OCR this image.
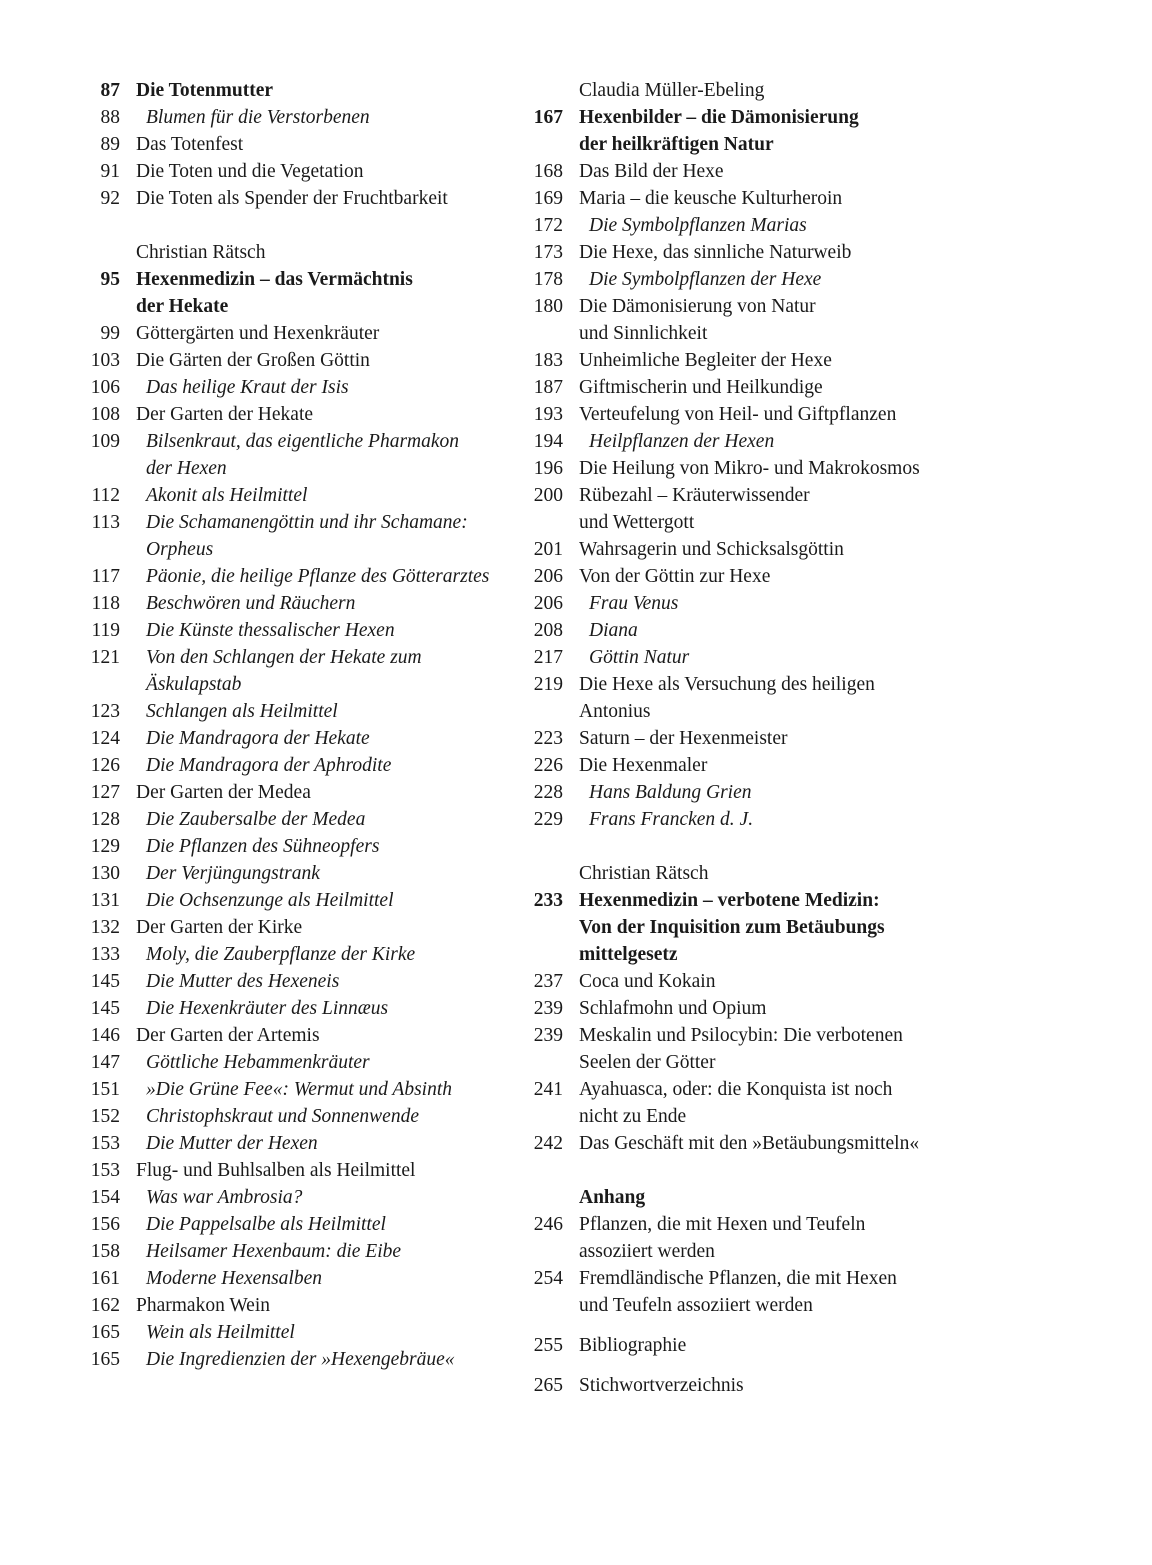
87 Die Totenmutter
88 Blumen für die Verstorbenen
89 Das Totenfest
91 Die Toten und die Vegetation
92 Die Toten als Spender der Fruchtbarkeit
Christian Rätsch
95 Hexenmedizin – das Vermächtnis
der Hekate
99 Göttergärten und Hexenkräuter
103 Die Gärten der Großen Göttin
106 Das heilige Kraut der Isis
108 Der Garten der Hekate
109 Bilsenkraut, das eigentliche Pharmakon
der Hexen
112 Akonit als Heilmittel
113 Die Schamanengöttin und ihr Schamane:
Orpheus
117 Päonie, die heilige Pflanze des Götterarztes
118 Beschwören und Räuchern
119 Die Künste thessalischer Hexen
121 Von den Schlangen der Hekate zum
Äskulapstab
123 Schlangen als Heilmittel
124 Die Mandragora der Hekate
126 Die Mandragora der Aphrodite
127 Der Garten der Medea
128 Die Zaubersalbe der Medea
129 Die Pflanzen des Sühneopfers
130 Der Verjüngungstrank
131 Die Ochsenzunge als Heilmittel
132 Der Garten der Kirke
133 Moly, die Zauberpflanze der Kirke
145 Die Mutter des Hexeneis
145 Die Hexenkräuter des Linnæus
146 Der Garten der Artemis
147 Göttliche Hebammenkräuter
151 »Die Grüne Fee«: Wermut und Absinth
152 Christophskraut und Sonnenwende
153 Die Mutter der Hexen
153 Flug- und Buhlsalben als Heilmittel
154 Was war Ambrosia?
156 Die Pappelsalbe als Heilmittel
158 Heilsamer Hexenbaum: die Eibe
161 Moderne Hexensalben
162 Pharmakon Wein
165 Wein als Heilmittel
165 Die Ingredienzien der »Hexengebräue«
Claudia Müller-Ebeling
167 Hexenbilder – die Dämonisierung
der heilkräftigen Natur
168 Das Bild der Hexe
169 Maria – die keusche Kulturheroin
172 Die Symbolpflanzen Marias
173 Die Hexe, das sinnliche Naturweib
178 Die Symbolpflanzen der Hexe
180 Die Dämonisierung von Natur
und Sinnlichkeit
183 Unheimliche Begleiter der Hexe
187 Giftmischerin und Heilkundige
193 Verteufelung von Heil- und Giftpflanzen
194 Heilpflanzen der Hexen
196 Die Heilung von Mikro- und Makrokosmos
200 Rübezahl – Kräuterwissender
und Wettergott
201 Wahrsagerin und Schicksalsgöttin
206 Von der Göttin zur Hexe
206 Frau Venus
208 Diana
217 Göttin Natur
219 Die Hexe als Versuchung des heiligen
Antonius
223 Saturn – der Hexenmeister
226 Die Hexenmaler
228 Hans Baldung Grien
229 Frans Francken d. J.
Christian Rätsch
233 Hexenmedizin – verbotene Medizin:
Von der Inquisition zum Betäubungs
mittelgesetz
237 Coca und Kokain
239 Schlafmohn und Opium
239 Meskalin und Psilocybin: Die verbotenen
Seelen der Götter
241 Ayahuasca, oder: die Konquista ist noch
nicht zu Ende
242 Das Geschäft mit den »Betäubungsmitteln«
Anhang
246 Pflanzen, die mit Hexen und Teufeln
assoziiert werden
254 Fremdländische Pflanzen, die mit Hexen
und Teufeln assoziiert werden
255 Bibliographie
265 Stichwortverzeichnis
